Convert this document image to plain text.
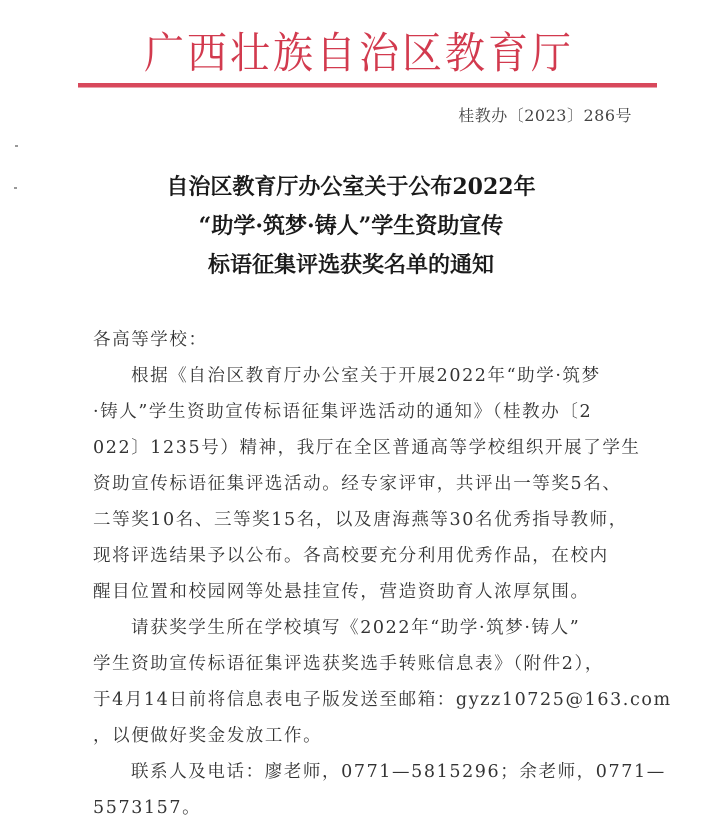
广西壮族自治区教育厅
桂教办〔2023〕286号
自治区教育厅办公室关于公布2022年
“助学·筑梦·铸人”学生资助宣传
标语征集评选获奖名单的通知

各高等学校：

根据《自治区教育厅办公室关于开展2022年“助学·筑梦

·铸人”学生资助宣传标语征集评选活动的通知》（桂教办〔2

022〕1235号）精神，我厅在全区普通高等学校组织开展了学生

资助宣传标语征集评选活动。经专家评审，共评出一等奖5名、

二等奖10名、三等奖15名，以及唐海燕等30名优秀指导教师，

现将评选结果予以公布。各高校要充分利用优秀作品，在校内

醒目位置和校园网等处悬挂宣传，营造资助育人浓厚氛围。

请获奖学生所在学校填写《2022年“助学·筑梦·铸人”

学生资助宣传标语征集评选获奖选手转账信息表》（附件2），

于4月14日前将信息表电子版发送至邮箱：gyzz10725@163.com

，以便做好奖金发放工作。

联系人及电话：廖老师，0771—5815296；余老师，0771—

5573157。
